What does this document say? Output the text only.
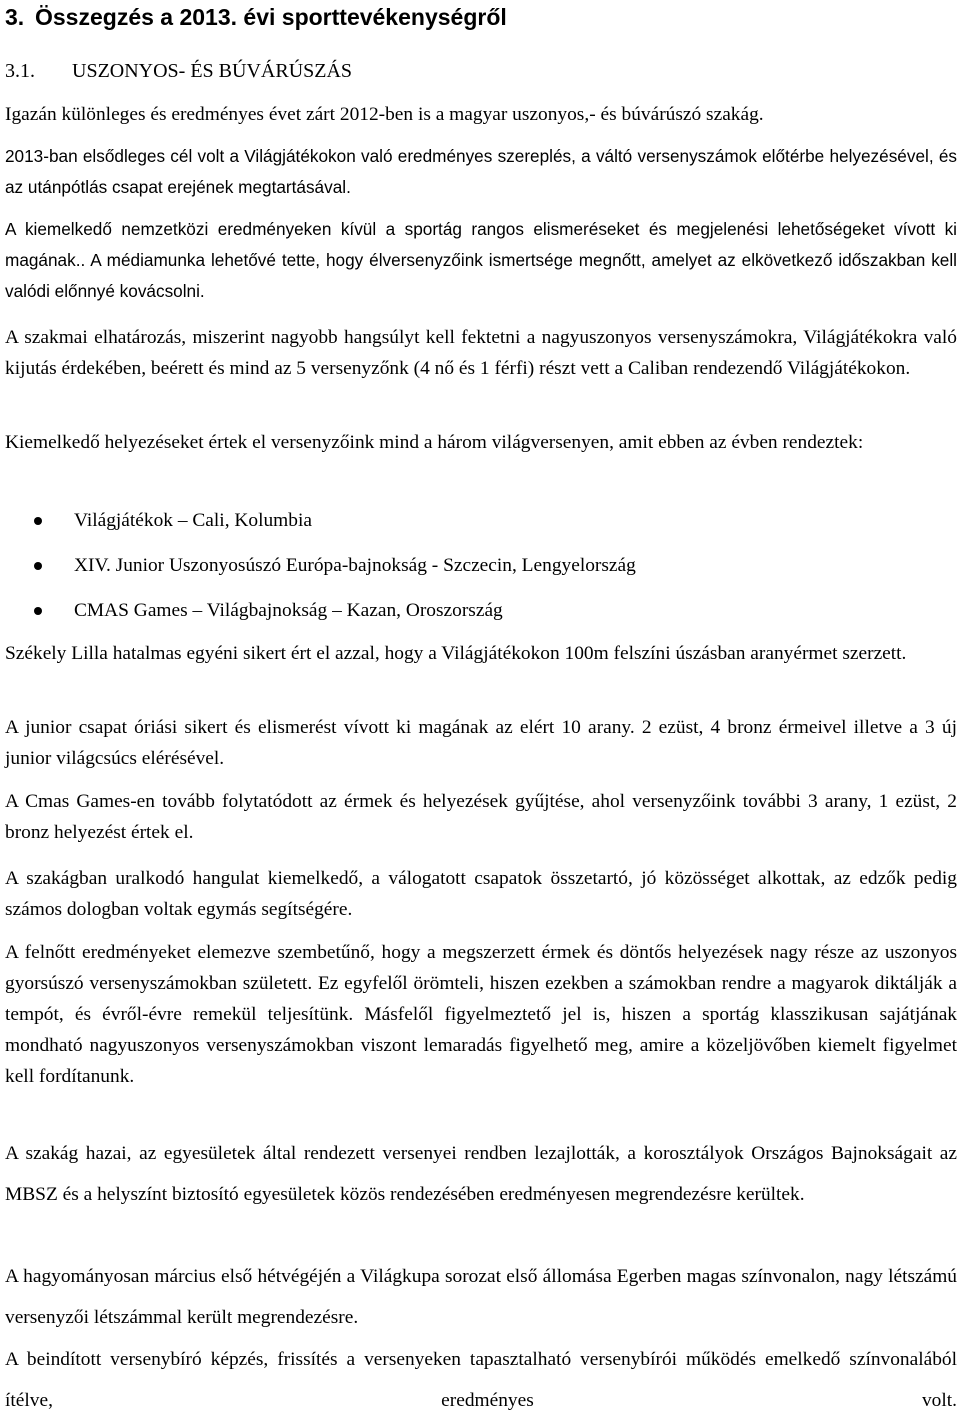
3. Összegzés a 2013. évi sporttevékenységről
3.1. USZONYOS- ÉS BÚVÁRÚSZÁS

Igazán különleges és eredményes évet zárt 2012-ben is a magyar uszonyos,- és búvárúszó szakág.

2013-ban elsődleges cél volt a Világjátékokon való eredményes szereplés, a váltó versenyszámok előtérbe helyezésével, és az utánpótlás csapat erejének megtartásával.

A kiemelkedő nemzetközi eredményeken kívül a sportág rangos elismeréseket és megjelenési lehetőségeket vívott ki magának.. A médiamunka lehetővé tette, hogy élversenyzőink ismertsége megnőtt, amelyet az elkövetkező időszakban kell valódi előnnyé kovácsolni.

A szakmai elhatározás, miszerint nagyobb hangsúlyt kell fektetni a nagyuszonyos versenyszámokra, Világjátékokra való kijutás érdekében, beérett és mind az 5 versenyzőnk (4 nő és 1 férfi) részt vett a Caliban rendezendő Világjátékokon.

Kiemelkedő helyezéseket értek el versenyzőink mind a három világversenyen, amit ebben az évben rendeztek:

Világjátékok – Cali, Kolumbia
XIV. Junior Uszonyosúszó Európa-bajnokság - Szczecin, Lengyelország
CMAS Games – Világbajnokság – Kazan, Oroszország

Székely Lilla hatalmas egyéni sikert ért el azzal, hogy a Világjátékokon 100m felszíni úszásban aranyérmet szerzett.

A junior csapat óriási sikert és elismerést vívott ki magának az elért 10 arany. 2 ezüst, 4 bronz érmeivel illetve a 3 új junior világcsúcs elérésével.

A Cmas Games-en tovább folytatódott az érmek és helyezések gyűjtése, ahol versenyzőink további 3 arany, 1 ezüst, 2 bronz helyezést értek el.

A szakágban uralkodó hangulat kiemelkedő, a válogatott csapatok összetartó, jó közösséget alkottak, az edzők pedig számos dologban voltak egymás segítségére.

A felnőtt eredményeket elemezve szembetűnő, hogy a megszerzett érmek és döntős helyezések nagy része az uszonyos gyorsúszó versenyszámokban született. Ez egyfelől örömteli, hiszen ezekben a számokban rendre a magyarok diktálják a tempót, és évről-évre remekül teljesítünk. Másfelől figyelmeztető jel is, hiszen a sportág klasszikusan sajátjának mondható nagyuszonyos versenyszámokban viszont lemaradás figyelhető meg, amire a közeljövőben kiemelt figyelmet kell fordítanunk.

A szakág hazai, az egyesületek által rendezett versenyei rendben lezajlották, a korosztályok Országos Bajnokságait az MBSZ és a helyszínt biztosító egyesületek közös rendezésében eredményesen megrendezésre kerültek.

A hagyományosan március első hétvégéjén a Világkupa sorozat első állomása Egerben magas színvonalon, nagy létszámú versenyzői létszámmal került megrendezésre.

A beindított versenybíró képzés, frissítés a versenyeken tapasztalható versenybírói működés emelkedő színvonalából ítélve, eredményes volt.
